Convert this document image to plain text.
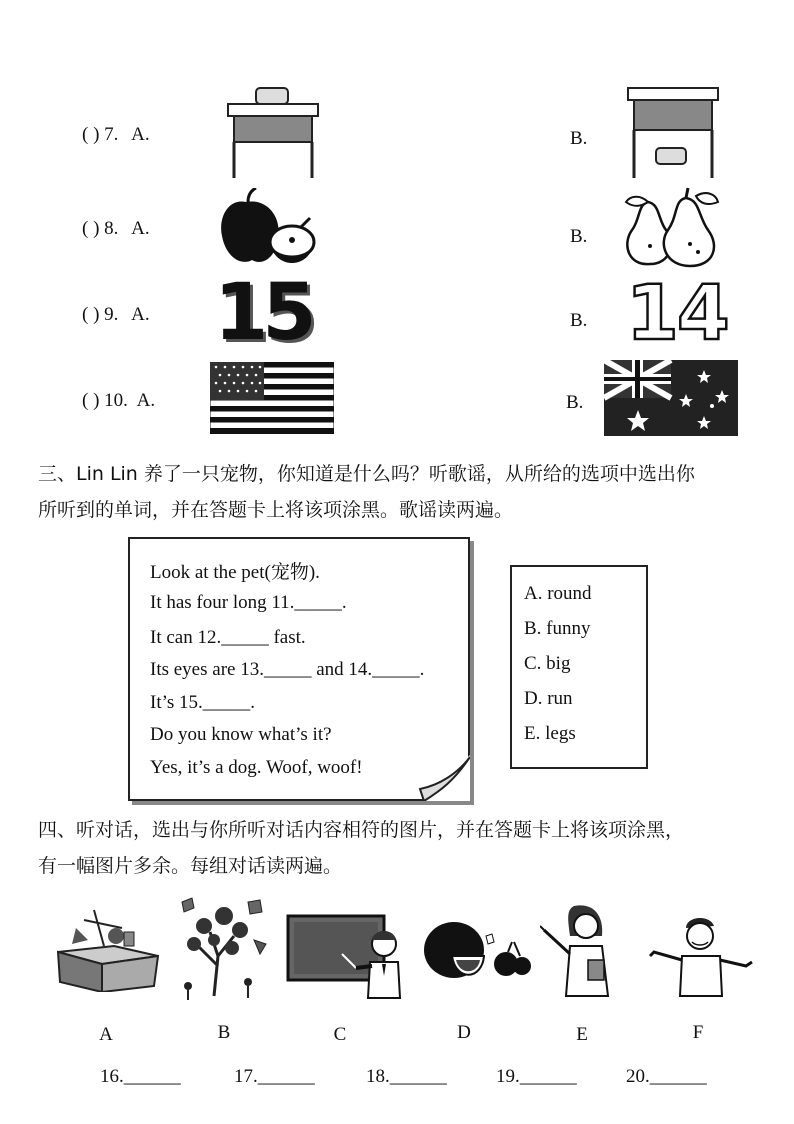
( ) 7. A.	B.
( ) 8. A.	B.
( ) 9. A. 15	B. 14
( ) 10. A.	B.
三、Lin Lin 养了一只宠物，你知道是什么吗？听歌谣，从所给的选项中选出你
所听到的单词，并在答题卡上将该项涂黑。歌谣读两遍。
Look at the pet(宠物).
It has four long 11._____.
It can 12._____ fast.
Its eyes are 13._____ and 14._____.
It’s 15._____.
Do you know what’s it?
Yes, it’s a dog. Woof, woof!
A. round
B. funny
C. big
D. run
E. legs
四、听对话，选出与你所听对话内容相符的图片，并在答题卡上将该项涂黑，
有一幅图片多余。每组对话读两遍。
A	B	C	D	E	F
16.______	17.______	18.______	19.______	20.______
